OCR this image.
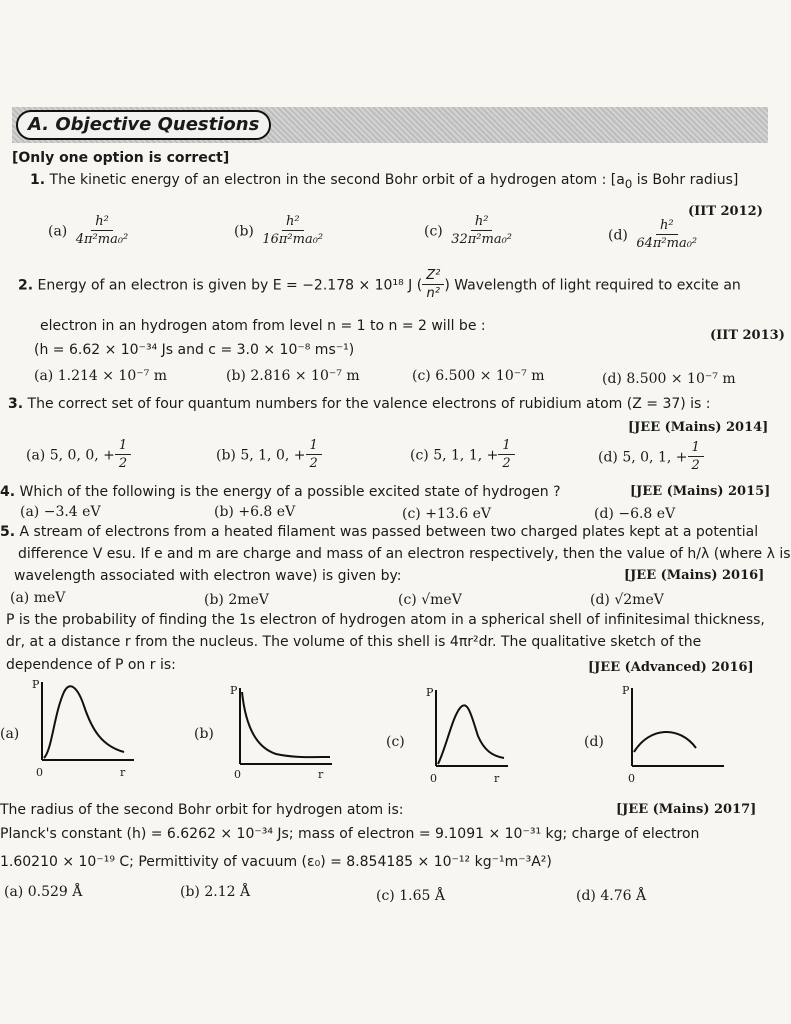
A. Objective Questions
[Only one option is correct]
1. The kinetic energy of an electron in the second Bohr orbit of a hydrogen atom : [$a_0$ is Bohr radius]
(IIT 2012)
$(a) \frac{\text{h²}}{\text{4π²ma₀²}}$	$(b) \frac{\text{h²}}{\text{16π²ma₀²}}$	$(c) \frac{\text{h²}}{\text{32π²ma₀²}}$	$(d) \frac{\text{h²}}{\text{64π²ma₀²}}$
2. Energy of an electron is given by E = −2.178 × 10¹⁸ J ( $\frac{\text{Z²}}{\text{n²}}$ ) Wavelength of light required to excite an
electron in an hydrogen atom from level n = 1 to n = 2 will be :
(IIT 2013)
(h = 6.62 × 10⁻³⁴ Js and c = 3.0 × 10⁻⁸ ms⁻¹)
(a) 1.214 × 10⁻⁷ m	(b) 2.816 × 10⁻⁷ m	(c) 6.500 × 10⁻⁷ m	(d) 8.500 × 10⁻⁷ m
3. The correct set of four quantum numbers for the valence electrons of rubidium atom (Z = 37) is :
[JEE (Mains) 2014]
(a) 5, 0, 0, + $\frac{1}{2}$	(b) 5, 1, 0, + $\frac{1}{2}$	(c) 5, 1, 1, + $\frac{1}{2}$	(d) 5, 0, 1, + $\frac{1}{2}$
4. Which of the following is the energy of a possible excited state of hydrogen ?	[JEE (Mains) 2015]
(a) −3.4 eV	(b) +6.8 eV	(c) +13.6 eV	(d) −6.8 eV
5. A stream of electrons from a heated filament was passed between two charged plates kept at a potential
difference V esu. If e and m are charge and mass of an electron respectively, then the value of h/λ (where λ is
wavelength associated with electron wave) is given by:	[JEE (Mains) 2016]
(a) meV	(b) 2meV	(c) √meV	(d) √2meV
P is the probability of finding the 1s electron of hydrogen atom in a spherical shell of infinitesimal thickness,
dr, at a distance r from the nucleus. The volume of this shell is 4πr²dr. The qualitative sketch of the
dependence of P on r is:	[JEE (Advanced) 2016]
(a)
P
0	r
(b)
P
0	r
(c)
P
0	r
(d)
P
0
The radius of the second Bohr orbit for hydrogen atom is:	[JEE (Mains) 2017]
Planck's constant (h) = 6.6262 × 10⁻³⁴ Js; mass of electron = 9.1091 × 10⁻³¹ kg; charge of electron
1.60210 × 10⁻¹⁹ C; Permittivity of vacuum (ε₀) = 8.854185 × 10⁻¹² kg⁻¹m⁻³A²)
(a) 0.529 Å	(b) 2.12 Å	(c) 1.65 Å	(d) 4.76 Å
